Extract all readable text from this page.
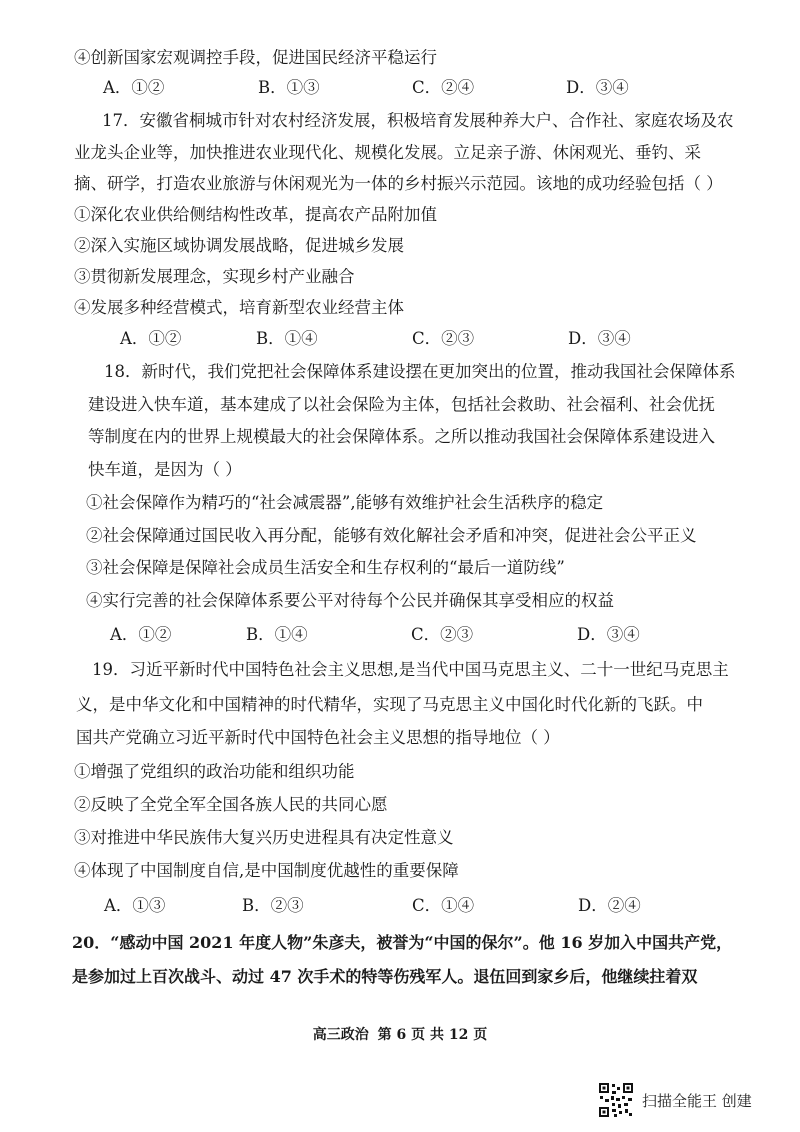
④创新国家宏观调控手段，促进国民经济平稳运行
A．①②	B．①③	C．②④	D．③④
17．安徽省桐城市针对农村经济发展，积极培育发展种养大户、合作社、家庭农场及农
业龙头企业等，加快推进农业现代化、规模化发展。立足亲子游、休闲观光、垂钓、采
摘、研学，打造农业旅游与休闲观光为一体的乡村振兴示范园。该地的成功经验包括（ ）
①深化农业供给侧结构性改革，提高农产品附加值
②深入实施区域协调发展战略，促进城乡发展
③贯彻新发展理念，实现乡村产业融合
④发展多种经营模式，培育新型农业经营主体
A．①②	B．①④	C．②③	D．③④
18．新时代，我们党把社会保障体系建设摆在更加突出的位置，推动我国社会保障体系
建设进入快车道，基本建成了以社会保险为主体，包括社会救助、社会福利、社会优抚
等制度在内的世界上规模最大的社会保障体系。之所以推动我国社会保障体系建设进入
快车道，是因为（ ）
①社会保障作为精巧的“社会减震器”,能够有效维护社会生活秩序的稳定
②社会保障通过国民收入再分配，能够有效化解社会矛盾和冲突，促进社会公平正义
③社会保障是保障社会成员生活安全和生存权利的“最后一道防线”
④实行完善的社会保障体系要公平对待每个公民并确保其享受相应的权益
A．①②	B．①④	C．②③	D．③④
19．习近平新时代中国特色社会主义思想,是当代中国马克思主义、二十一世纪马克思主
义，是中华文化和中国精神的时代精华，实现了马克思主义中国化时代化新的飞跃。中
国共产党确立习近平新时代中国特色社会主义思想的指导地位（ ）
①增强了党组织的政治功能和组织功能
②反映了全党全军全国各族人民的共同心愿
③对推进中华民族伟大复兴历史进程具有决定性意义
④体现了中国制度自信,是中国制度优越性的重要保障
A．①③	B．②③	C．①④	D．②④
20．“感动中国 2021 年度人物”朱彦夫，被誉为“中国的保尔”。他 16 岁加入中国共产党，
是参加过上百次战斗、动过 47 次手术的特等伤残军人。退伍回到家乡后，他继续拄着双
高三政治 第 6 页 共 12 页
扫描全能王 创建
